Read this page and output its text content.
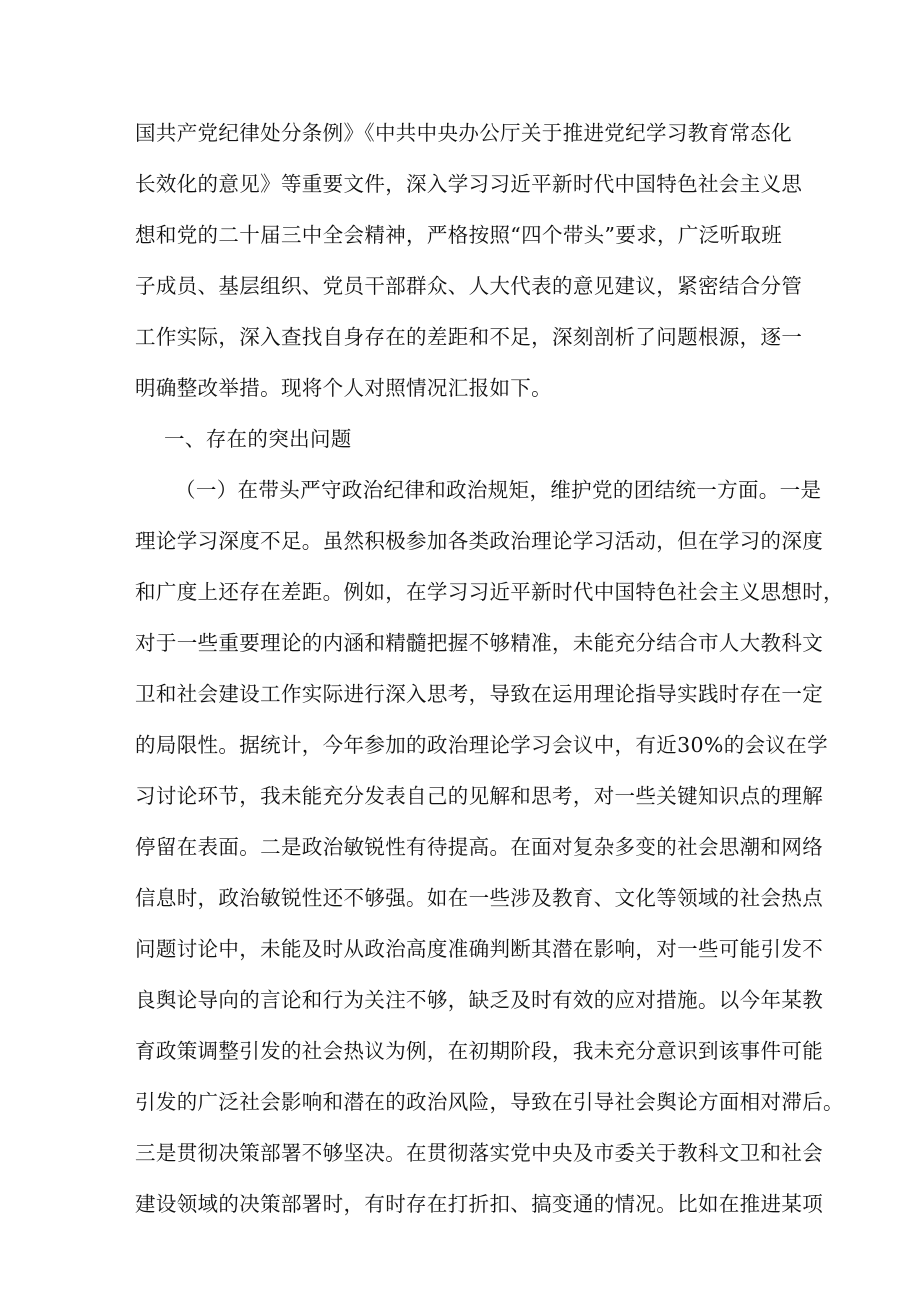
国共产党纪律处分条例》《中共中央办公厅关于推进党纪学习教育常态化
长效化的意见》等重要文件，深入学习习近平新时代中国特色社会主义思
想和党的二十届三中全会精神，严格按照“四个带头”要求，广泛听取班
子成员、基层组织、党员干部群众、人大代表的意见建议，紧密结合分管
工作实际，深入查找自身存在的差距和不足，深刻剖析了问题根源，逐一
明确整改举措。现将个人对照情况汇报如下。
一、存在的突出问题
（一）在带头严守政治纪律和政治规矩，维护党的团结统一方面。一是
理论学习深度不足。虽然积极参加各类政治理论学习活动，但在学习的深度
和广度上还存在差距。例如，在学习习近平新时代中国特色社会主义思想时，
对于一些重要理论的内涵和精髓把握不够精准，未能充分结合市人大教科文
卫和社会建设工作实际进行深入思考，导致在运用理论指导实践时存在一定
的局限性。据统计，今年参加的政治理论学习会议中，有近30%的会议在学
习讨论环节，我未能充分发表自己的见解和思考，对一些关键知识点的理解
停留在表面。二是政治敏锐性有待提高。在面对复杂多变的社会思潮和网络
信息时，政治敏锐性还不够强。如在一些涉及教育、文化等领域的社会热点
问题讨论中，未能及时从政治高度准确判断其潜在影响，对一些可能引发不
良舆论导向的言论和行为关注不够，缺乏及时有效的应对措施。以今年某教
育政策调整引发的社会热议为例，在初期阶段，我未充分意识到该事件可能
引发的广泛社会影响和潜在的政治风险，导致在引导社会舆论方面相对滞后。
三是贯彻决策部署不够坚决。在贯彻落实党中央及市委关于教科文卫和社会
建设领域的决策部署时，有时存在打折扣、搞变通的情况。比如在推进某项
